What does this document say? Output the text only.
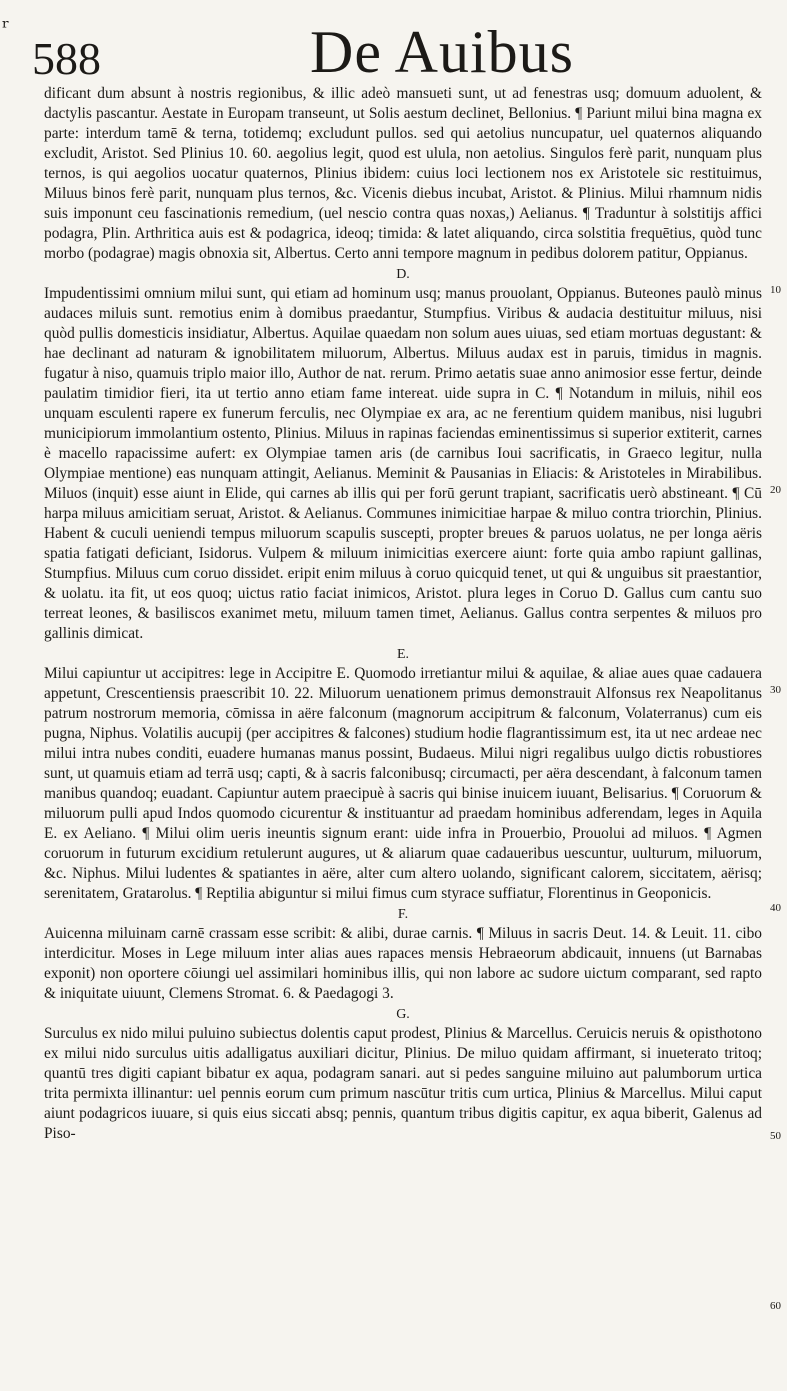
ʳ
588	De Auibus

dificant dum absunt à nostris regionibus, & illic adeò mansueti sunt, ut ad fenestras usq; domuum aduolent, & dactylis pascantur. Aestate in Europam transeunt, ut Solis aestum declinet, Bellonius. ¶ Pariunt milui bina magna ex parte: interdum tamē & terna, totidemq; excludunt pullos. sed qui aetolius nuncupatur, uel quaternos aliquando excludit, Aristot. Sed Plinius 10. 60. aegolius legit, quod est ulula, non aetolius. Singulos ferè parit, nunquam plus ternos, is qui aegolios uocatur quaternos, Plinius ibidem: cuius loci lectionem nos ex Aristotele sic restituimus, Miluus binos ferè parit, nunquam plus ternos, &c. Vicenis diebus incubat, Aristot. & Plinius. Milui rhamnum nidis suis imponunt ceu fascinationis remedium, (uel nescio contra quas noxas,) Aelianus. ¶ Traduntur à solstitijs affici podagra, Plin. Arthritica auis est & podagrica, ideoq; timida: & latet aliquando, circa solstitia frequētius, quòd tunc morbo (podagrae) magis obnoxia sit, Albertus. Certo anni tempore magnum in pedibus dolorem patitur, Oppianus.

D.

Impudentissimi omnium milui sunt, qui etiam ad hominum usq; manus prouolant, Oppianus. Buteones paulò minus audaces miluis sunt. remotius enim à domibus praedantur, Stumpfius. Viribus & audacia destituitur miluus, nisi quòd pullis domesticis insidiatur, Albertus. Aquilae quaedam non solum aues uiuas, sed etiam mortuas degustant: & hae declinant ad naturam & ignobilitatem miluorum, Albertus. Miluus audax est in paruis, timidus in magnis. fugatur à niso, quamuis triplo maior illo, Author de nat. rerum. Primo aetatis suae anno animosior esse fertur, deinde paulatim timidior fieri, ita ut tertio anno etiam fame intereat. uide supra in C. ¶ Notandum in miluis, nihil eos unquam esculenti rapere ex funerum ferculis, nec Olympiae ex ara, ac ne ferentium quidem manibus, nisi lugubri municipiorum immolantium ostento, Plinius. Miluus in rapinas faciendas eminentissimus si superior extiterit, carnes è macello rapacissime aufert: ex Olympiae tamen aris (de carnibus Ioui sacrificatis, in Graeco legitur, nulla Olympiae mentione) eas nunquam attingit, Aelianus. Meminit & Pausanias in Eliacis: & Aristoteles in Mirabilibus. Miluos (inquit) esse aiunt in Elide, qui carnes ab illis qui per forū gerunt trapiant, sacrificatis uerò abstineant. ¶ Cū harpa miluus amicitiam seruat, Aristot. & Aelianus. Communes inimicitiae harpae & miluo contra triorchin, Plinius. Habent & cuculi ueniendi tempus miluorum scapulis suscepti, propter breues & paruos uolatus, ne per longa aëris spatia fatigati deficiant, Isidorus. Vulpem & miluum inimicitias exercere aiunt: forte quia ambo rapiunt gallinas, Stumpfius. Miluus cum coruo dissidet. eripit enim miluus à coruo quicquid tenet, ut qui & unguibus sit praestantior, & uolatu. ita fit, ut eos quoq; uictus ratio faciat inimicos, Aristot. plura leges in Coruo D. Gallus cum cantu suo terreat leones, & basiliscos exanimet metu, miluum tamen timet, Aelianus. Gallus contra serpentes & miluos pro gallinis dimicat.

E.

Milui capiuntur ut accipitres: lege in Accipitre E. Quomodo irretiantur milui & aquilae, & aliae aues quae cadauera appetunt, Crescentiensis praescribit 10. 22. Miluorum uenationem primus demonstrauit Alfonsus rex Neapolitanus patrum nostrorum memoria, cōmissa in aëre falconum (magnorum accipitrum & falconum, Volaterranus) cum eis pugna, Niphus. Volatilis aucupij (per accipitres & falcones) studium hodie flagrantissimum est, ita ut nec ardeae nec milui intra nubes conditi, euadere humanas manus possint, Budaeus. Milui nigri regalibus uulgo dictis robustiores sunt, ut quamuis etiam ad terrā usq; capti, & à sacris falconibusq; circumacti, per aëra descendant, à falconum tamen manibus quandoq; euadant. Capiuntur autem praecipuè à sacris qui binise inuicem iuuant, Belisarius. ¶ Coruorum & miluorum pulli apud Indos quomodo cicurentur & instituantur ad praedam hominibus adferendam, leges in Aquila E. ex Aeliano. ¶ Milui olim ueris ineuntis signum erant: uide infra in Prouerbio, Prouolui ad miluos. ¶ Agmen coruorum in futurum excidium retulerunt augures, ut & aliarum quae cadaueribus uescuntur, uulturum, miluorum, &c. Niphus. Milui ludentes & spatiantes in aëre, alter cum altero uolando, significant calorem, siccitatem, aërisq; serenitatem, Gratarolus. ¶ Reptilia abiguntur si milui fimus cum styrace suffiatur, Florentinus in Geoponicis.

F.

Auicenna miluinam carnē crassam esse scribit: & alibi, durae carnis. ¶ Miluus in sacris Deut. 14. & Leuit. 11. cibo interdicitur. Moses in Lege miluum inter alias aues rapaces mensis Hebraeorum abdicauit, innuens (ut Barnabas exponit) non oportere cōiungi uel assimilari hominibus illis, qui non labore ac sudore uictum comparant, sed rapto & iniquitate uiuunt, Clemens Stromat. 6. & Paedagogi 3.

G.

Surculus ex nido milui puluino subiectus dolentis caput prodest, Plinius & Marcellus. Ceruicis neruis & opisthotono ex milui nido surculus uitis adalligatus auxiliari dicitur, Plinius. De miluo quidam affirmant, si inueterato tritoq; quantū tres digiti capiant bibatur ex aqua, podagram sanari. aut si pedes sanguine miluino aut palumborum urtica trita permixta illinantur: uel pennis eorum cum primum nascūtur tritis cum urtica, Plinius & Marcellus. Milui caput aiunt podagricos iuuare, si quis eius siccati absq; pennis, quantum tribus digitis capitur, ex aqua biberit, Galenus ad Piso-

10
20
30
40
50
60
